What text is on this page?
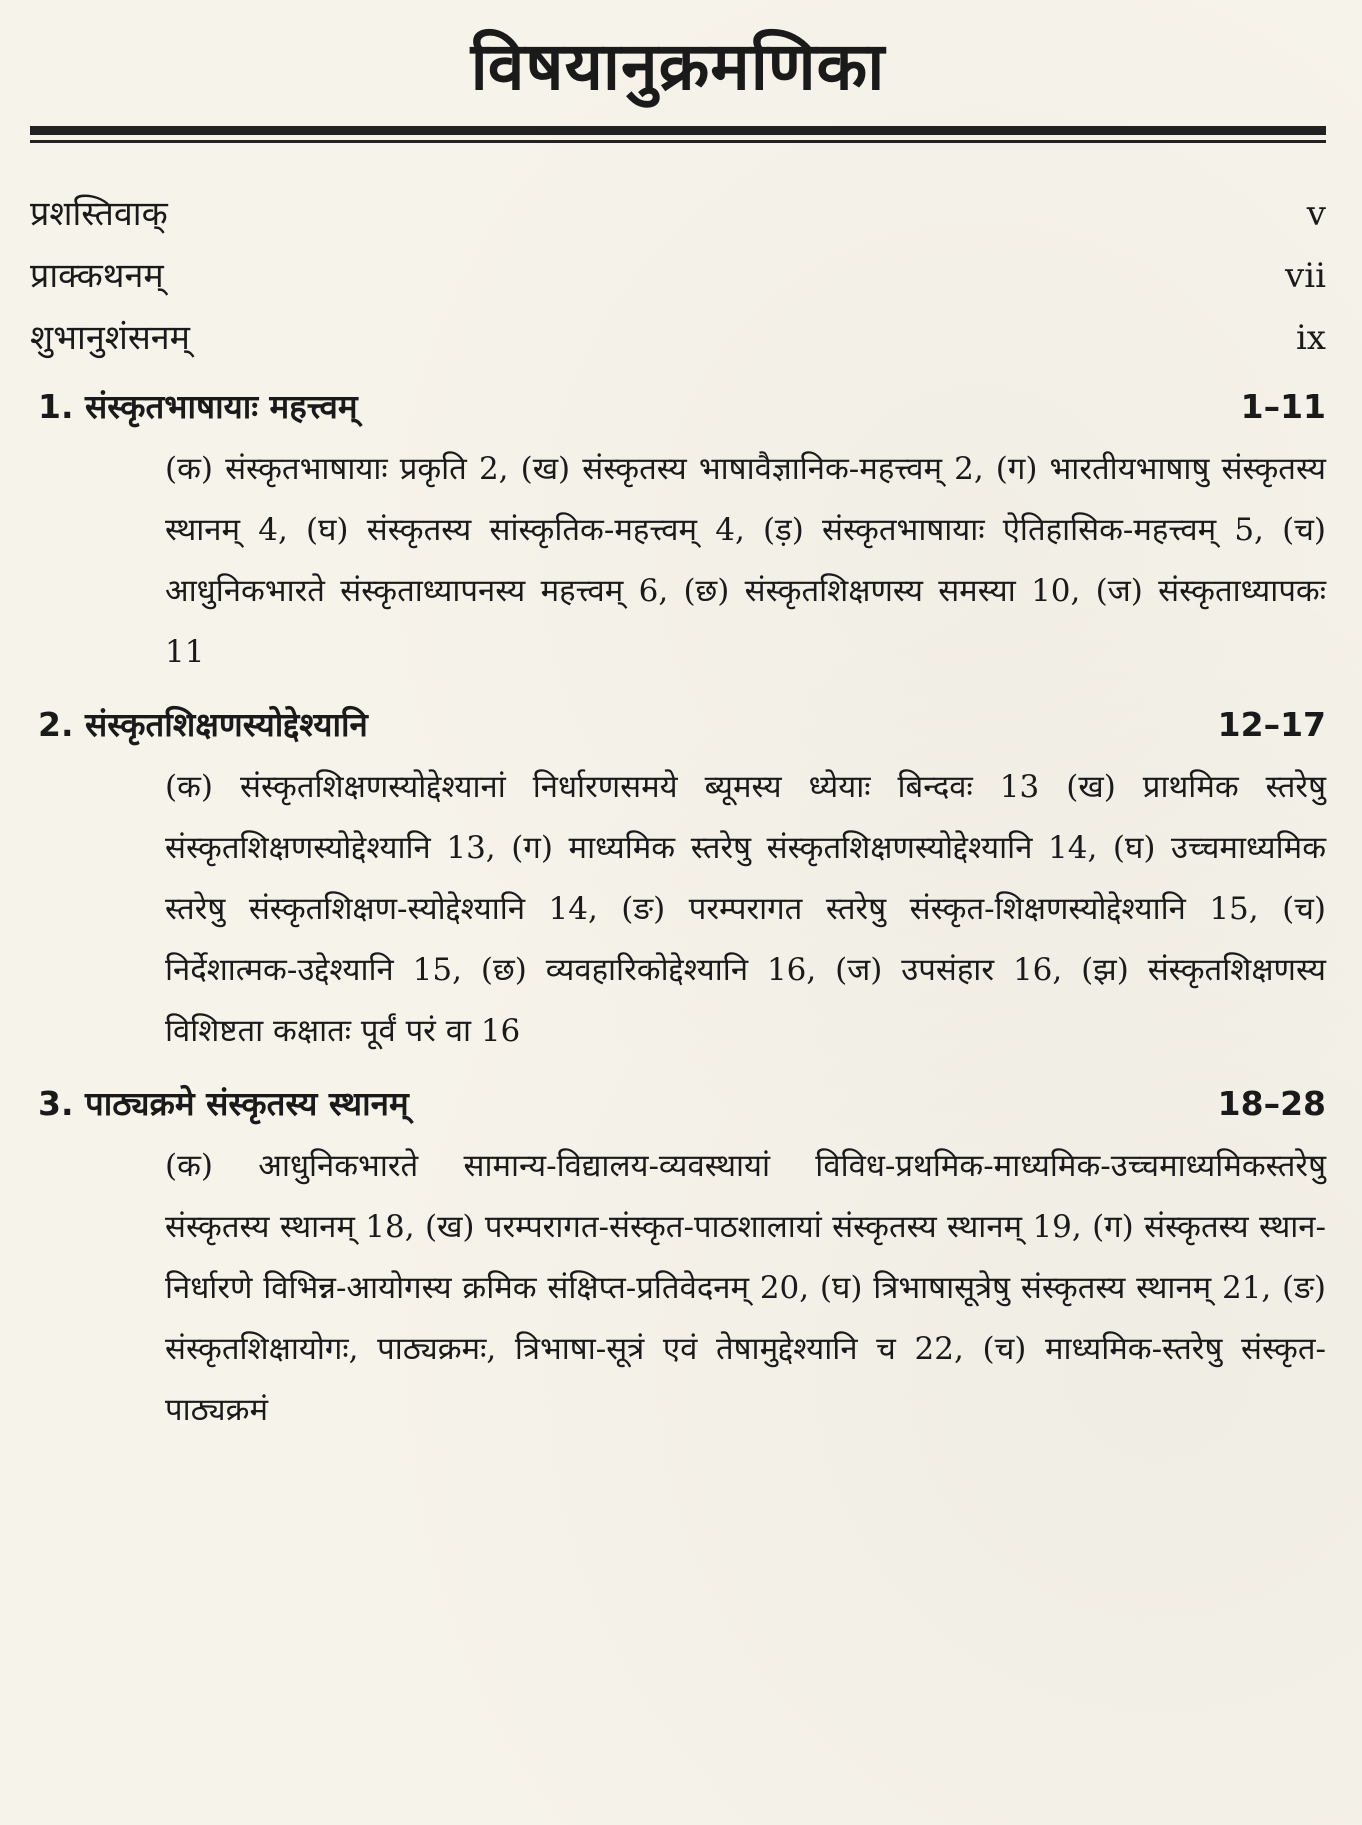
विषयानुक्रमणिका
प्रशस्तिवाक्	v
प्राक्कथनम्	vii
शुभानुशंसनम्	ix
1. संस्कृतभाषायाः महत्त्वम्	1–11
(क) संस्कृतभाषायाः प्रकृति 2, (ख) संस्कृतस्य भाषावैज्ञानिक-महत्त्वम् 2, (ग) भारतीयभाषाषु संस्कृतस्य स्थानम् 4, (घ) संस्कृतस्य सांस्कृतिक-महत्त्वम् 4, (ड़) संस्कृतभाषायाः ऐतिहासिक-महत्त्वम् 5, (च) आधुनिकभारते संस्कृताध्यापनस्य महत्त्वम् 6, (छ) संस्कृतशिक्षणस्य समस्या 10, (ज) संस्कृताध्यापकः 11
2. संस्कृतशिक्षणस्योद्देश्यानि	12–17
(क) संस्कृतशिक्षणस्योद्देश्यानां निर्धारणसमये ब्यूमस्य ध्येयाः बिन्दवः 13 (ख) प्राथमिक स्तरेषु संस्कृतशिक्षणस्योद्देश्यानि 13, (ग) माध्यमिक स्तरेषु संस्कृतशिक्षणस्योद्देश्यानि 14, (घ) उच्चमाध्यमिक स्तरेषु संस्कृतशिक्षण-स्योद्देश्यानि 14, (ङ) परम्परागत स्तरेषु संस्कृत-शिक्षणस्योद्देश्यानि 15, (च) निर्देशात्मक-उद्देश्यानि 15, (छ) व्यवहारिकोद्देश्यानि 16, (ज) उपसंहार 16, (झ) संस्कृतशिक्षणस्य विशिष्टता कक्षातः पूर्वं परं वा 16
3. पाठ्यक्रमे संस्कृतस्य स्थानम्	18–28
(क) आधुनिकभारते सामान्य-विद्यालय-व्यवस्थायां विविध-प्रथमिक-माध्यमिक-उच्चमाध्यमिकस्तरेषु संस्कृतस्य स्थानम् 18, (ख) परम्परागत-संस्कृत-पाठशालायां संस्कृतस्य स्थानम् 19, (ग) संस्कृतस्य स्थान-निर्धारणे विभिन्न-आयोगस्य क्रमिक संक्षिप्त-प्रतिवेदनम् 20, (घ) त्रिभाषासूत्रेषु संस्कृतस्य स्थानम् 21, (ङ) संस्कृतशिक्षायोगः, पाठ्यक्रमः, त्रिभाषा-सूत्रं एवं तेषामुद्देश्यानि च 22, (च) माध्यमिक-स्तरेषु संस्कृत-पाठ्यक्रमं
